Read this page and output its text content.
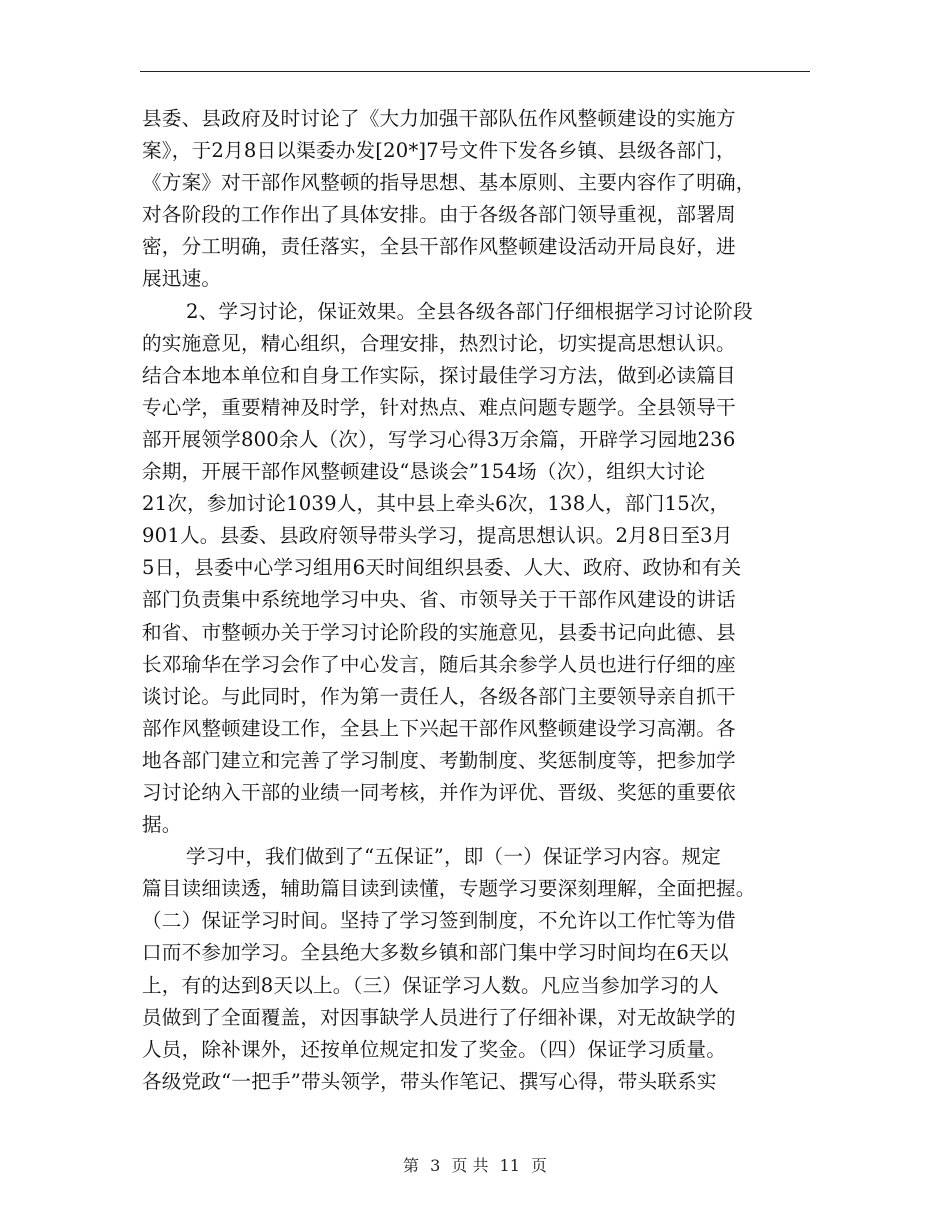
县委、县政府及时讨论了《大力加强干部队伍作风整顿建设的实施方
案》，于2月8日以渠委办发[20*]7号文件下发各乡镇、县级各部门，
《方案》对干部作风整顿的指导思想、基本原则、主要内容作了明确，
对各阶段的工作作出了具体安排。由于各级各部门领导重视，部署周
密，分工明确，责任落实，全县干部作风整顿建设活动开局良好，进
展迅速。
2、学习讨论，保证效果。全县各级各部门仔细根据学习讨论阶段
的实施意见，精心组织，合理安排，热烈讨论，切实提高思想认识。
结合本地本单位和自身工作实际，探讨最佳学习方法，做到必读篇目
专心学，重要精神及时学，针对热点、难点问题专题学。全县领导干
部开展领学800余人（次），写学习心得3万余篇，开辟学习园地236
余期，开展干部作风整顿建设“恳谈会”154场（次），组织大讨论
21次，参加讨论1039人，其中县上牵头6次，138人，部门15次，
901人。县委、县政府领导带头学习，提高思想认识。2月8日至3月
5日，县委中心学习组用6天时间组织县委、人大、政府、政协和有关
部门负责集中系统地学习中央、省、市领导关于干部作风建设的讲话
和省、市整顿办关于学习讨论阶段的实施意见，县委书记向此德、县
长邓瑜华在学习会作了中心发言，随后其余参学人员也进行仔细的座
谈讨论。与此同时，作为第一责任人，各级各部门主要领导亲自抓干
部作风整顿建设工作，全县上下兴起干部作风整顿建设学习高潮。各
地各部门建立和完善了学习制度、考勤制度、奖惩制度等，把参加学
习讨论纳入干部的业绩一同考核，并作为评优、晋级、奖惩的重要依
据。
学习中，我们做到了“五保证”，即（一）保证学习内容。规定
篇目读细读透，辅助篇目读到读懂，专题学习要深刻理解，全面把握。
（二）保证学习时间。坚持了学习签到制度，不允许以工作忙等为借
口而不参加学习。全县绝大多数乡镇和部门集中学习时间均在6天以
上，有的达到8天以上。（三）保证学习人数。凡应当参加学习的人
员做到了全面覆盖，对因事缺学人员进行了仔细补课，对无故缺学的
人员，除补课外，还按单位规定扣发了奖金。（四）保证学习质量。
各级党政“一把手”带头领学，带头作笔记、撰写心得，带头联系实
第 3 页 共 11 页
